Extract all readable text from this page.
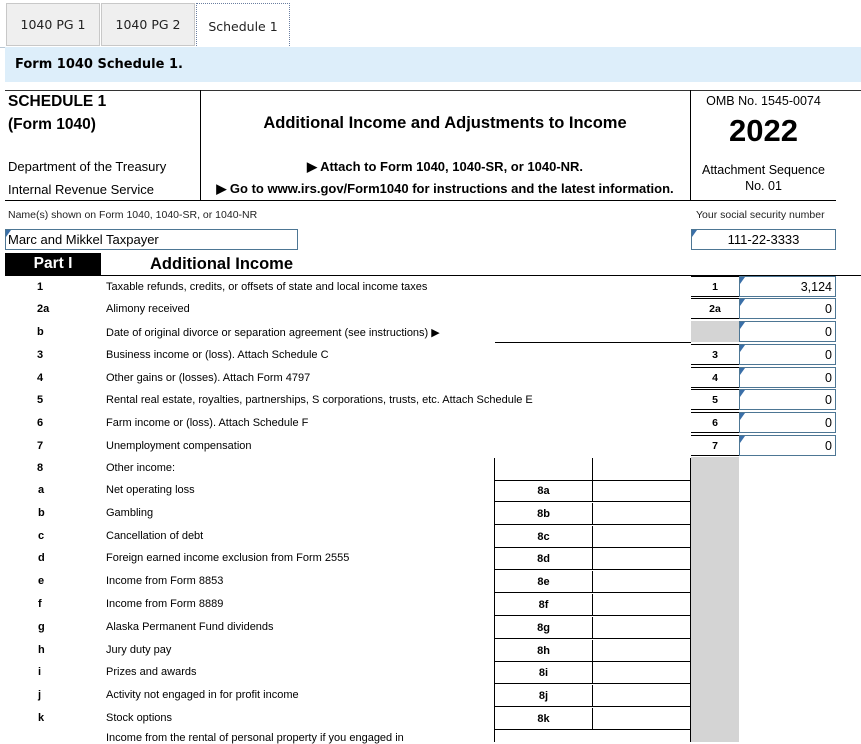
1040 PG 1	1040 PG 2	Schedule 1
Form 1040 Schedule 1.
SCHEDULE 1
(Form 1040)
Department of the Treasury
Internal Revenue Service
Additional Income and Adjustments to Income
▶ Attach to Form 1040, 1040-SR, or 1040-NR.
▶ Go to www.irs.gov/Form1040 for instructions and the latest information.
OMB No. 1545-0074
2022
Attachment Sequence
No. 01
Name(s) shown on Form 1040, 1040-SR, or 1040-NR
Marc and Mikkel Taxpayer
Your social security number
111-22-3333
Part I	Additional Income
1	Taxable refunds, credits, or offsets of state and local income taxes	1	3,124
2a	Alimony received	2a	0
b	Date of original divorce or separation agreement (see instructions) ▶	0
3	Business income or (loss). Attach Schedule C	3	0
4	Other gains or (losses). Attach Form 4797	4	0
5	Rental real estate, royalties, partnerships, S corporations, trusts, etc. Attach Schedule E	5	0
6	Farm income or (loss). Attach Schedule F	6	0
7	Unemployment compensation	7	0
8	Other income:
a	Net operating loss	8a
b	Gambling	8b
c	Cancellation of debt	8c
d	Foreign earned income exclusion from Form 2555	8d
e	Income from Form 8853	8e
f	Income from Form 8889	8f
g	Alaska Permanent Fund dividends	8g
h	Jury duty pay	8h
i	Prizes and awards	8i
j	Activity not engaged in for profit income	8j
k	Stock options	8k
Income from the rental of personal property if you engaged in
